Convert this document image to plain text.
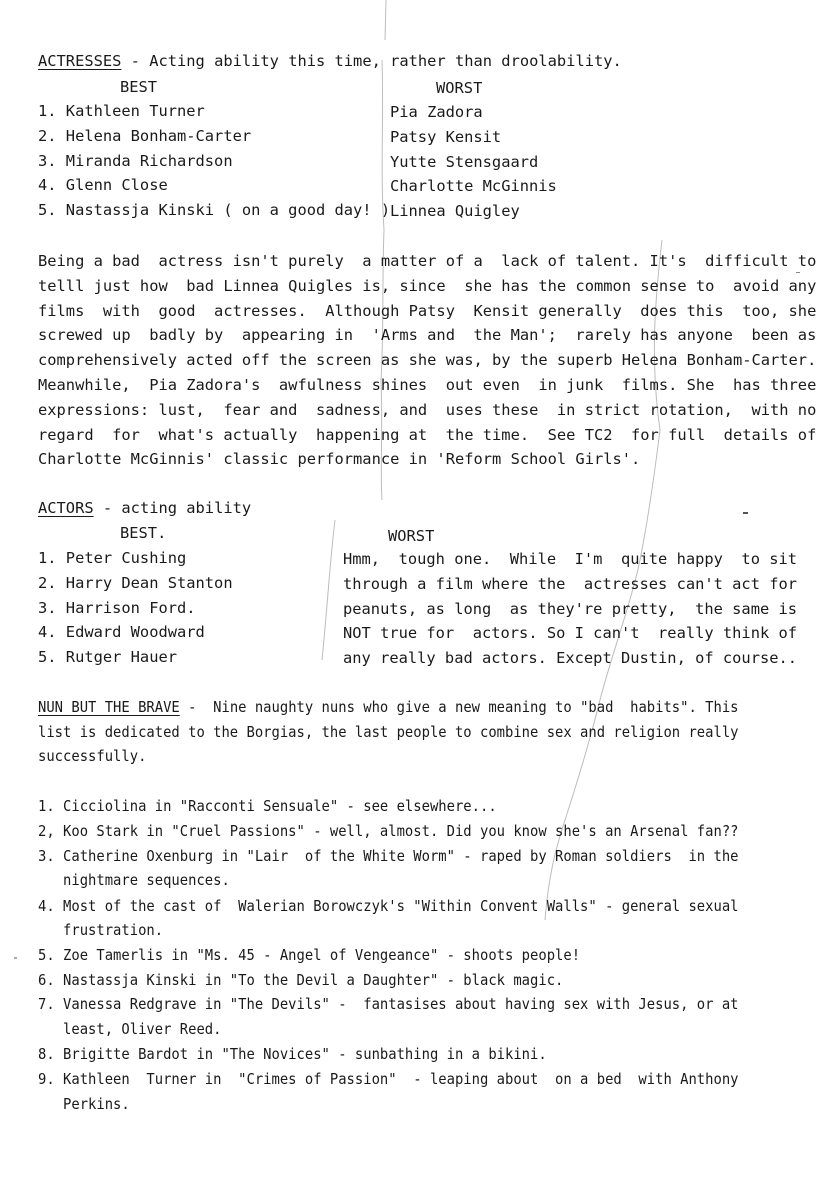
ACTRESSES - Acting ability this time, rather than droolability.
BEST	WORST
1. Kathleen Turner
2. Helena Bonham-Carter
3. Miranda Richardson
4. Glenn Close
5. Nastassja Kinski ( on a good day! )
Pia Zadora
Patsy Kensit
Yutte Stensgaard
Charlotte McGinnis
Linnea Quigley
Being a bad  actress isn't purely  a matter of a  lack of talent. It's  difficult to
telll just how  bad Linnea Quigles is, since  she has the common sense to  avoid any
films  with  good  actresses.  Although Patsy  Kensit generally  does this  too, she
screwed up  badly by  appearing in  'Arms and  the Man';  rarely has anyone  been as
comprehensively acted off the screen as she was, by the superb Helena Bonham-Carter.
Meanwhile,  Pia Zadora's  awfulness shines  out even  in junk  films. She  has three
expressions: lust,  fear and  sadness, and  uses these  in strict rotation,  with no
regard  for  what's actually  happening at  the time.  See TC2  for full  details of
Charlotte McGinnis' classic performance in 'Reform School Girls'.
ACTORS - acting ability
BEST.	WORST
1. Peter Cushing
2. Harry Dean Stanton
3. Harrison Ford.
4. Edward Woodward
5. Rutger Hauer
Hmm,  tough one.  While  I'm  quite happy  to sit
through a film where the  actresses can't act for
peanuts, as long  as they're pretty,  the same is
NOT true for  actors. So I can't  really think of
any really bad actors. Except Dustin, of course..
NUN BUT THE BRAVE -  Nine naughty nuns who give a new meaning to "bad  habits". This
list is dedicated to the Borgias, the last people to combine sex and religion really
successfully.
1. Cicciolina in "Racconti Sensuale" - see elsewhere...
2, Koo Stark in "Cruel Passions" - well, almost. Did you know she's an Arsenal fan??
3. Catherine Oxenburg in "Lair  of the White Worm" - raped by Roman soldiers  in the
nightmare sequences.
4. Most of the cast of  Walerian Borowczyk's "Within Convent Walls" - general sexual
frustration.
5. Zoe Tamerlis in "Ms. 45 - Angel of Vengeance" - shoots people!
6. Nastassja Kinski in "To the Devil a Daughter" - black magic.
7. Vanessa Redgrave in "The Devils" -  fantasises about having sex with Jesus, or at
least, Oliver Reed.
8. Brigitte Bardot in "The Novices" - sunbathing in a bikini.
9. Kathleen  Turner in  "Crimes of Passion"  - leaping about  on a bed  with Anthony
Perkins.
